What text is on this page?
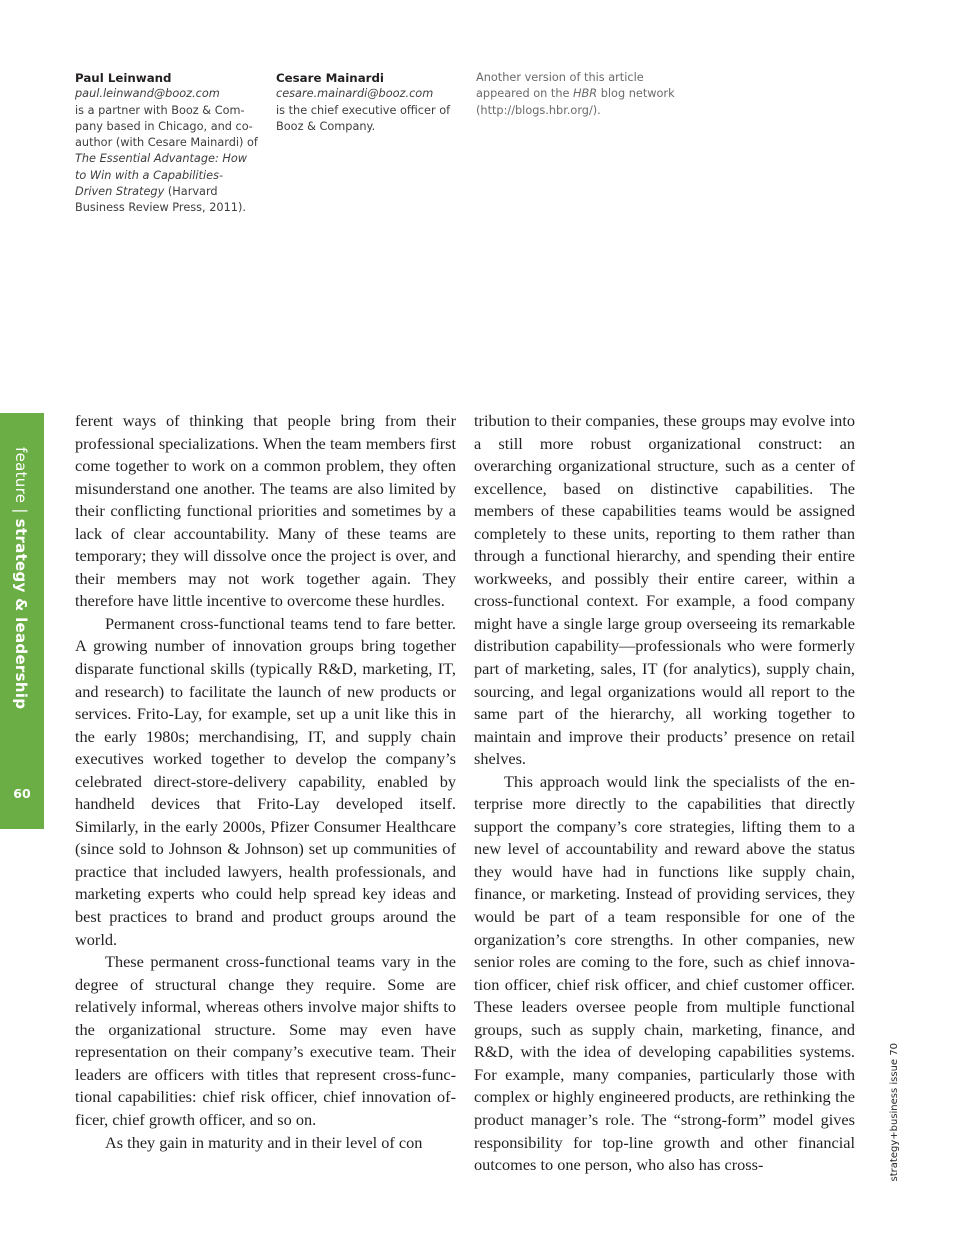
Paul Leinwand
paul.leinwand@booz.com
is a partner with Booz & Company based in Chicago, and coauthor (with Cesare Mainardi) of The Essential Advantage: How to Win with a Capabilities-Driven Strategy (Harvard Business Review Press, 2011).
Cesare Mainardi
cesare.mainardi@booz.com
is the chief executive officer of Booz & Company.
Another version of this article appeared on the HBR blog network (http://blogs.hbr.org/).
feature | strategy & leadership
60

ferent ways of thinking that people bring from their professional specializations. When the team members first come together to work on a common problem, they often misunderstand one another. The teams are also limited by their conflicting functional priorities and sometimes by a lack of clear accountability. Many of these teams are temporary; they will dissolve once the project is over, and their members may not work together again. They therefore have little incentive to overcome these hurdles.

Permanent cross-functional teams tend to fare better. A growing number of innovation groups bring together disparate functional skills (typically R&D, marketing, IT, and research) to facilitate the launch of new products or services. Frito-Lay, for example, set up a unit like this in the early 1980s; merchandising, IT, and supply chain executives worked together to develop the company’s celebrated direct-store-delivery capability, enabled by handheld devices that Frito-Lay developed itself. Similarly, in the early 2000s, Pfizer Consumer Healthcare (since sold to Johnson & Johnson) set up communities of practice that included lawyers, health professionals, and marketing experts who could help spread key ideas and best practices to brand and product groups around the world.

These permanent cross-functional teams vary in the degree of structural change they require. Some are relatively informal, whereas others involve major shifts to the organizational structure. Some may even have representation on their company’s executive team. Their leaders are officers with titles that represent cross-functional capabilities: chief risk officer, chief innovation officer, chief growth officer, and so on.

As they gain in maturity and in their level of con

tribution to their companies, these groups may evolve into a still more robust organizational construct: an overarching organizational structure, such as a center of excellence, based on distinctive capabilities. The members of these capabilities teams would be assigned completely to these units, reporting to them rather than through a functional hierarchy, and spending their entire workweeks, and possibly their entire career, within a cross-functional context. For example, a food company might have a single large group overseeing its remarkable distribution capability—professionals who were formerly part of marketing, sales, IT (for analytics), supply chain, sourcing, and legal organizations would all report to the same part of the hierarchy, all working together to maintain and improve their products’ presence on retail shelves.

This approach would link the specialists of the enterprise more directly to the capabilities that directly support the company’s core strategies, lifting them to a new level of accountability and reward above the status they would have had in functions like supply chain, finance, or marketing. Instead of providing services, they would be part of a team responsible for one of the organization’s core strengths. In other companies, new senior roles are coming to the fore, such as chief innovation officer, chief risk officer, and chief customer officer. These leaders oversee people from multiple functional groups, such as supply chain, marketing, finance, and R&D, with the idea of developing capabilities systems. For example, many companies, particularly those with complex or highly engineered products, are rethinking the product manager’s role. The “strong-form” model gives responsibility for top-line growth and other financial outcomes to one person, who also has cross-	strategy+business issue 70
